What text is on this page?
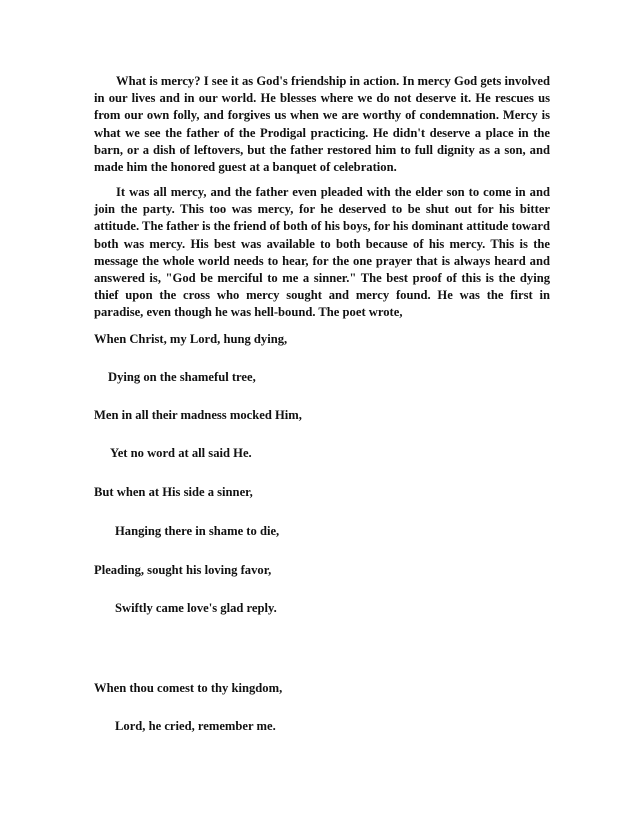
What is mercy? I see it as God's friendship in action. In mercy God gets involved in our lives and in our world. He blesses where we do not deserve it. He rescues us from our own folly, and forgives us when we are worthy of condemnation. Mercy is what we see the father of the Prodigal practicing. He didn't deserve a place in the barn, or a dish of leftovers, but the father restored him to full dignity as a son, and made him the honored guest at a banquet of celebration.

It was all mercy, and the father even pleaded with the elder son to come in and join the party. This too was mercy, for he deserved to be shut out for his bitter attitude. The father is the friend of both of his boys, for his dominant attitude toward both was mercy. His best was available to both because of his mercy. This is the message the whole world needs to hear, for the one prayer that is always heard and answered is, "God be merciful to me a sinner." The best proof of this is the dying thief upon the cross who mercy sought and mercy found. He was the first in paradise, even though he was hell-bound. The poet wrote,

When Christ, my Lord, hung dying,

Dying on the shameful tree,

Men in all their madness mocked Him,

Yet no word at all said He.

But when at His side a sinner,

Hanging there in shame to die,

Pleading, sought his loving favor,

Swiftly came love's glad reply.

When thou comest to thy kingdom,

Lord, he cried, remember me.
